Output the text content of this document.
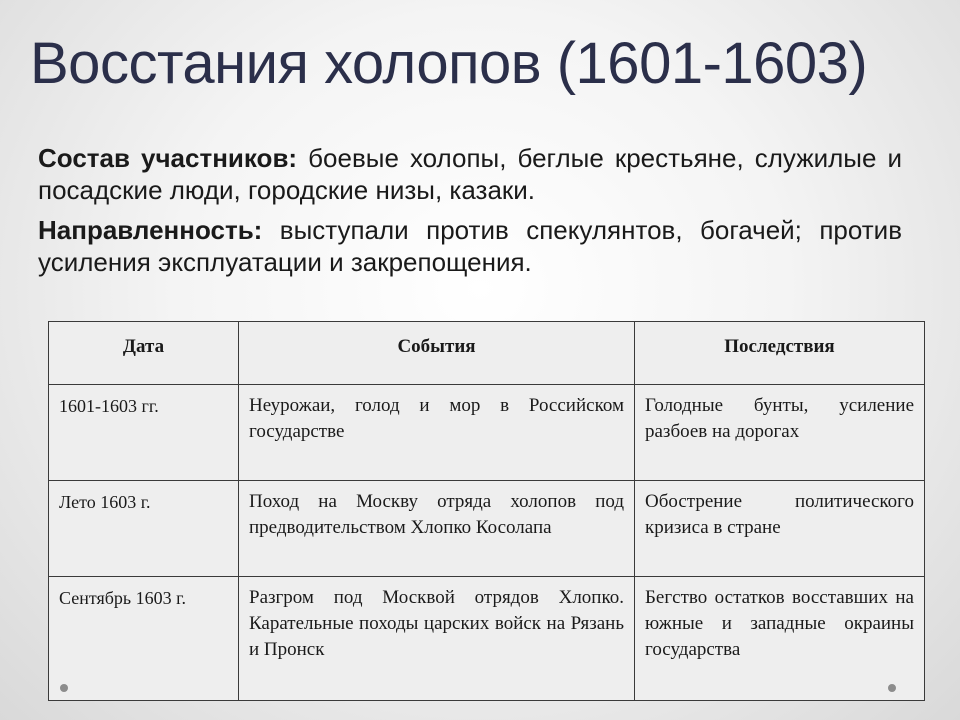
Восстания холопов (1601-1603)

Состав участников: боевые холопы, беглые крестьяне, служилые и посадские люди, городские низы, казаки.

Направленность: выступали против спекулянтов, богачей; против усиления эксплуатации и закрепощения.

Дата	События	Последствия
1601-1603 гг.	Неурожаи, голод и мор в Российском государстве	Голодные бунты, усиление разбоев на дорогах
Лето 1603 г.	Поход на Москву отряда холопов под предводительством Хлопко Косолапа	Обострение политического кризиса в стране
Сентябрь 1603 г.	Разгром под Москвой отрядов Хлопко. Карательные походы царских войск на Рязань и Пронск	Бегство остатков восставших на южные и западные окраины государства
